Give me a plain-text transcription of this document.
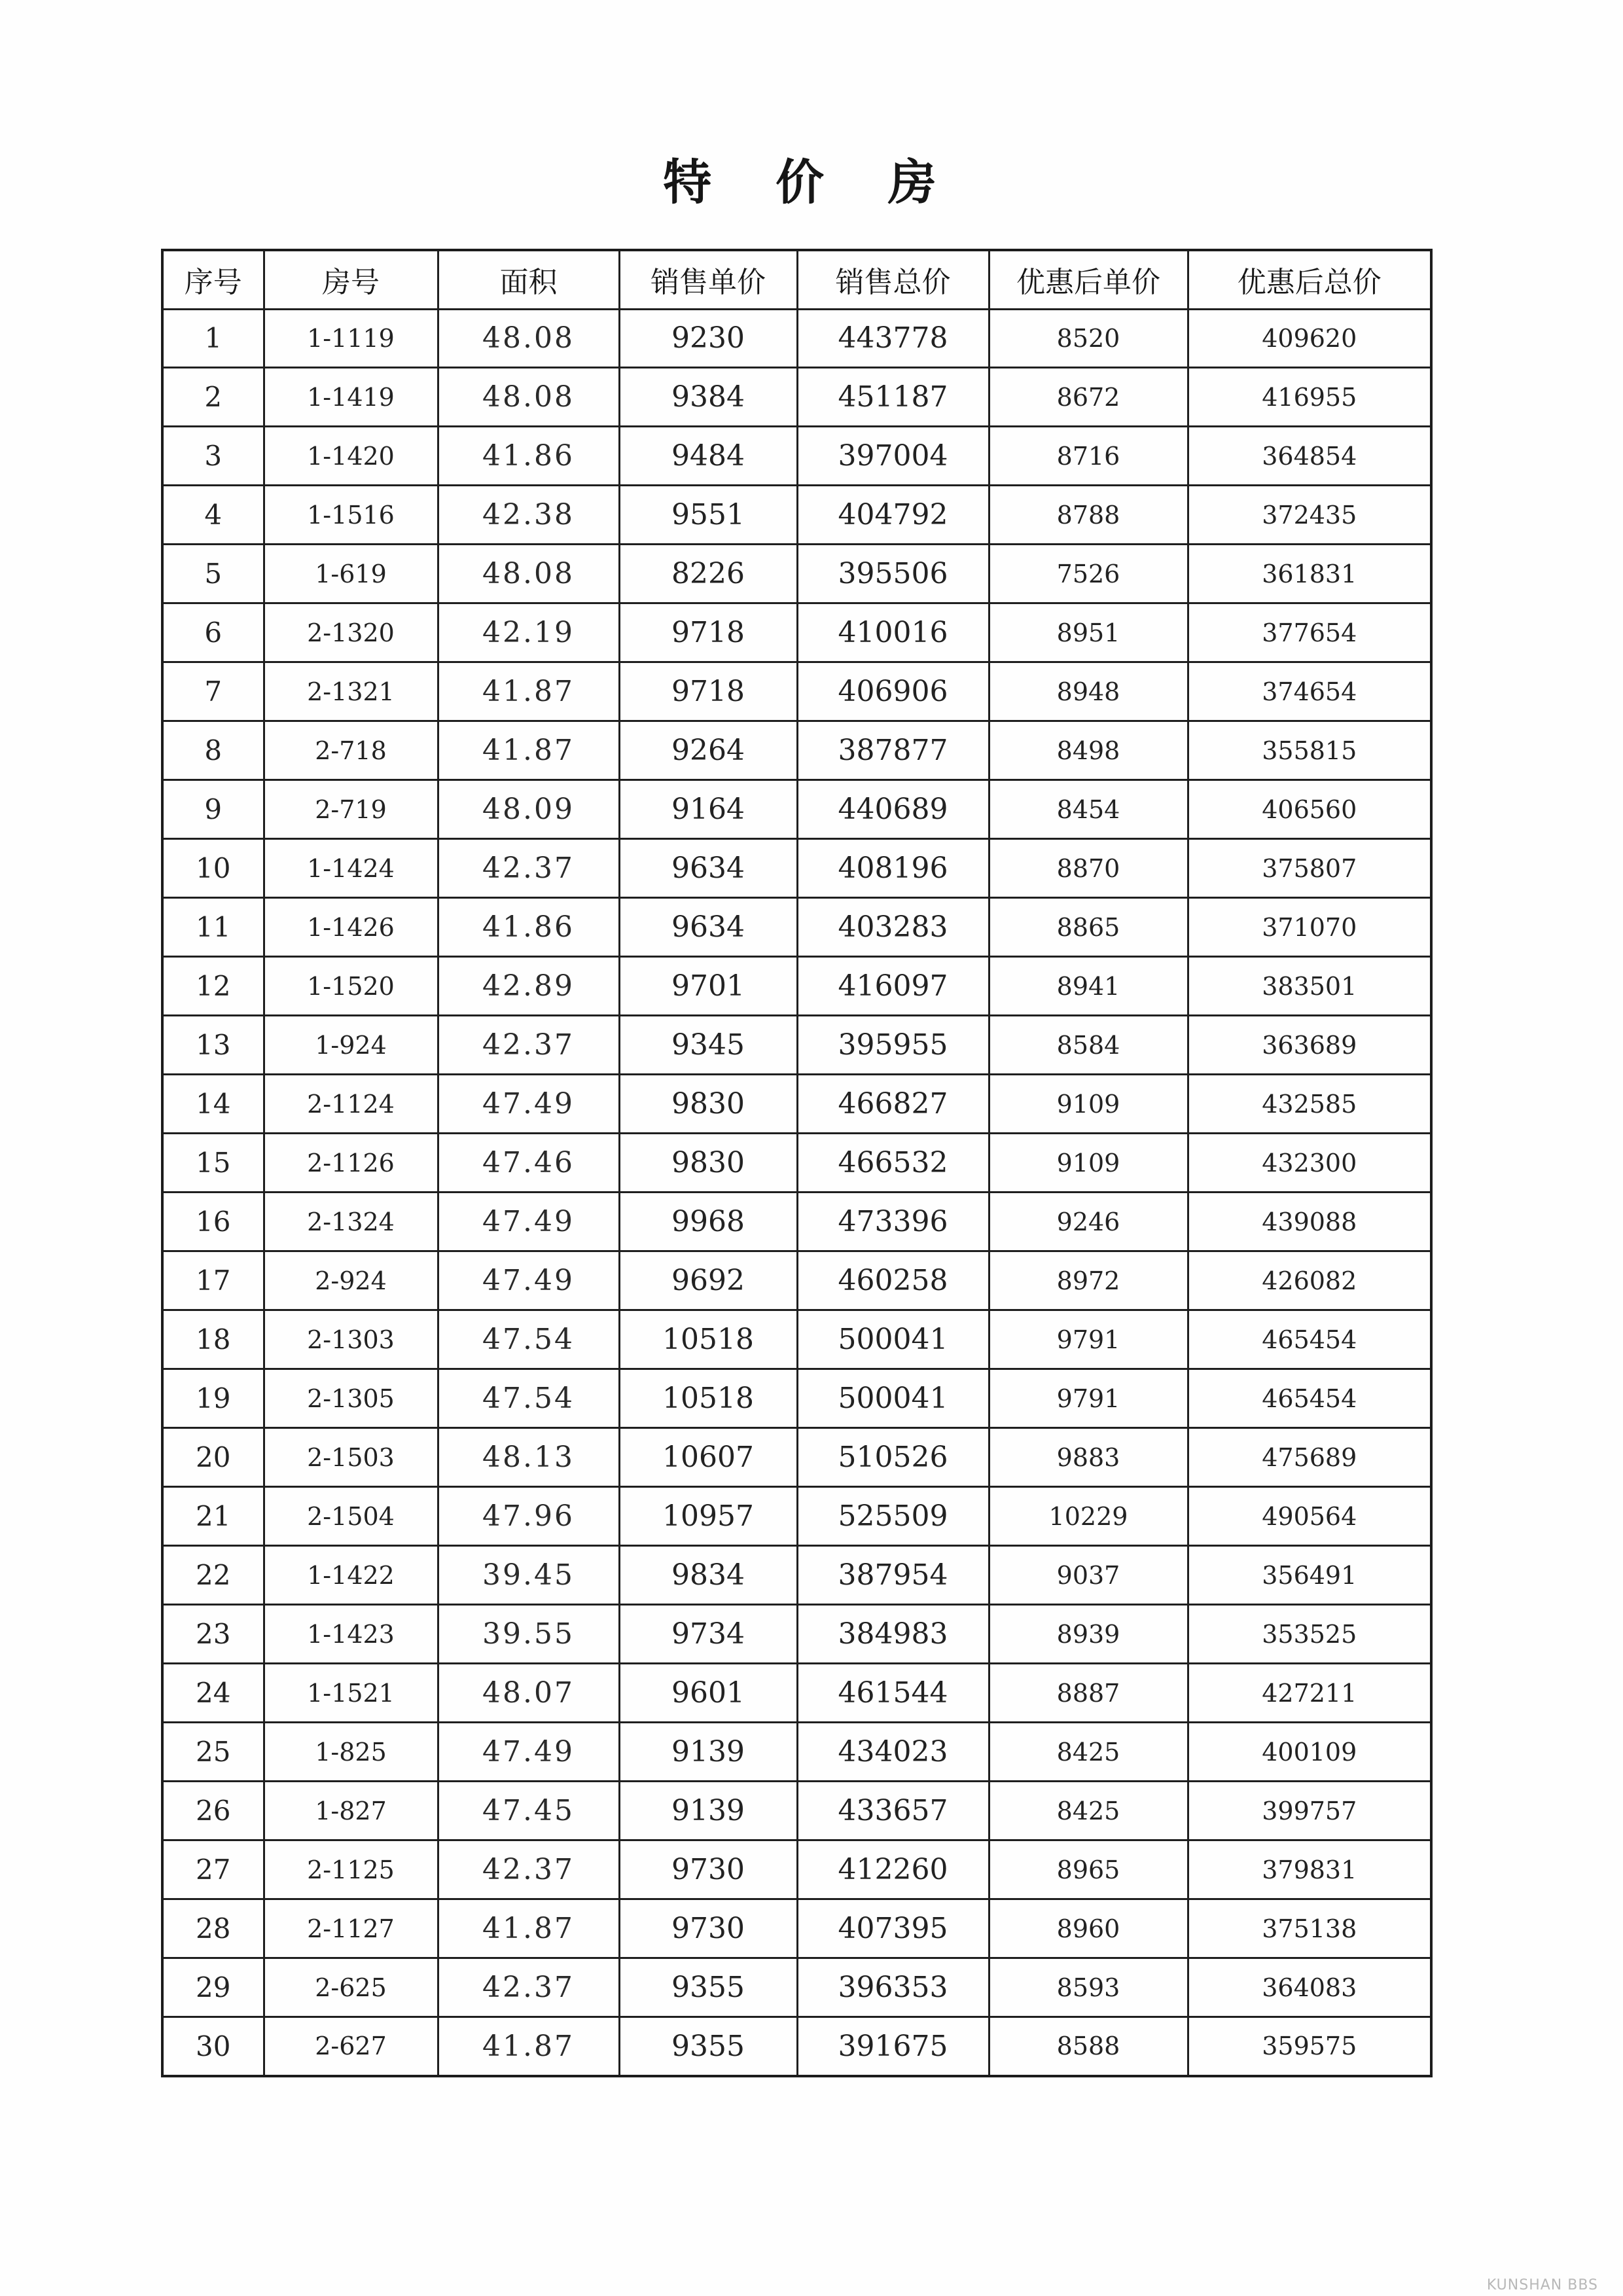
特 价 房
序号	房号	面积	销售单价	销售总价	优惠后单价	优惠后总价
1	1-1119	48.08	9230	443778	8520	409620
2	1-1419	48.08	9384	451187	8672	416955
3	1-1420	41.86	9484	397004	8716	364854
4	1-1516	42.38	9551	404792	8788	372435
5	1-619	48.08	8226	395506	7526	361831
6	2-1320	42.19	9718	410016	8951	377654
7	2-1321	41.87	9718	406906	8948	374654
8	2-718	41.87	9264	387877	8498	355815
9	2-719	48.09	9164	440689	8454	406560
10	1-1424	42.37	9634	408196	8870	375807
11	1-1426	41.86	9634	403283	8865	371070
12	1-1520	42.89	9701	416097	8941	383501
13	1-924	42.37	9345	395955	8584	363689
14	2-1124	47.49	9830	466827	9109	432585
15	2-1126	47.46	9830	466532	9109	432300
16	2-1324	47.49	9968	473396	9246	439088
17	2-924	47.49	9692	460258	8972	426082
18	2-1303	47.54	10518	500041	9791	465454
19	2-1305	47.54	10518	500041	9791	465454
20	2-1503	48.13	10607	510526	9883	475689
21	2-1504	47.96	10957	525509	10229	490564
22	1-1422	39.45	9834	387954	9037	356491
23	1-1423	39.55	9734	384983	8939	353525
24	1-1521	48.07	9601	461544	8887	427211
25	1-825	47.49	9139	434023	8425	400109
26	1-827	47.45	9139	433657	8425	399757
27	2-1125	42.37	9730	412260	8965	379831
28	2-1127	41.87	9730	407395	8960	375138
29	2-625	42.37	9355	396353	8593	364083
30	2-627	41.87	9355	391675	8588	359575
KUNSHAN BBS
